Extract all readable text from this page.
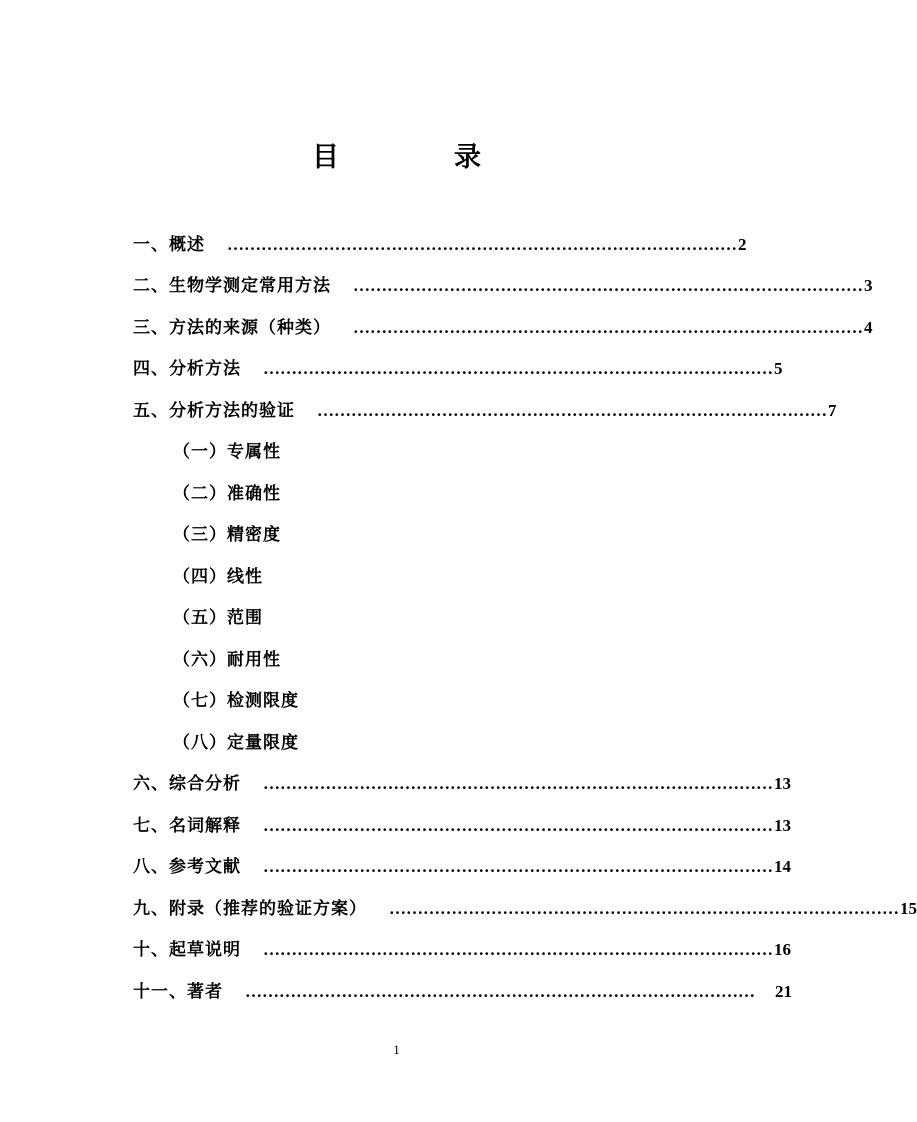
目　录
一、概述 ……………………………………………………………………………… 2
二、生物学测定常用方法 ……………………………………………………………………………… 3
三、方法的来源（种类） ……………………………………………………………………………… 4
四、分析方法 ……………………………………………………………………………… 5
五、分析方法的验证 ……………………………………………………………………………… 7
（一）专属性
（二）准确性
（三）精密度
（四）线性
（五）范围
（六）耐用性
（七）检测限度
（八）定量限度
六、综合分析 ……………………………………………………………………………… 13
七、名词解释 ……………………………………………………………………………… 13
八、参考文献 ……………………………………………………………………………… 14
九、附录（推荐的验证方案） ……………………………………………………………………………… 15
十、起草说明 ……………………………………………………………………………… 16
十一、著者 ………………………………………………………………………………	21
1
